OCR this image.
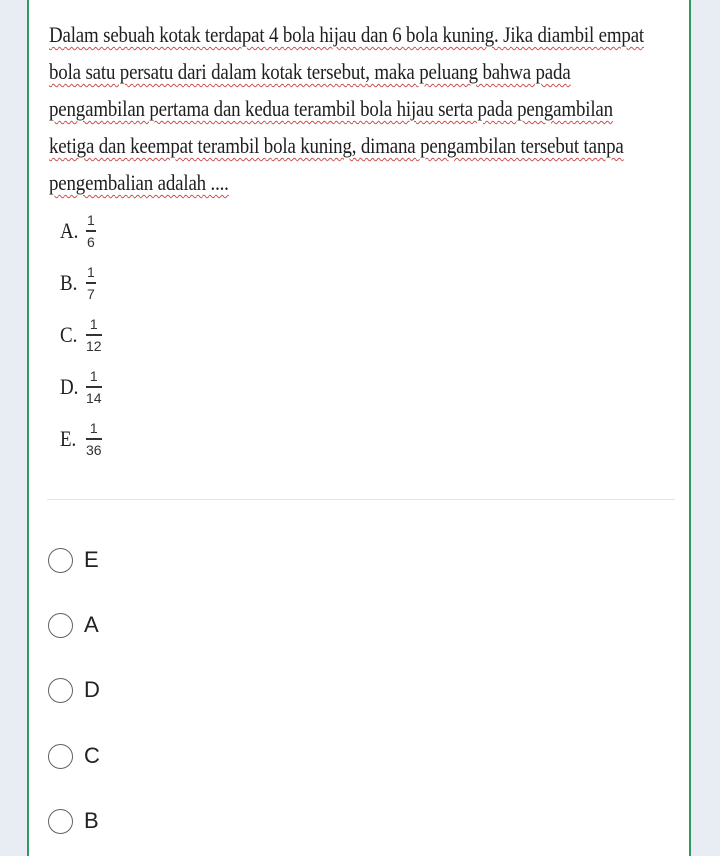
Dalam sebuah kotak terdapat 4 bola hijau dan 6 bola kuning. Jika diambil empat
bola satu persatu dari dalam kotak tersebut, maka peluang bahwa pada
pengambilan pertama dan kedua terambil bola hijau serta pada pengambilan
ketiga dan keempat terambil bola kuning, dimana pengambilan tersebut tanpa
pengembalian adalah ....
A. $\frac{1}{6}$
B. $\frac{1}{7}$
C. $\frac{1}{12}$
D. $\frac{1}{14}$
E. $\frac{1}{36}$
E
A
D
C
B
